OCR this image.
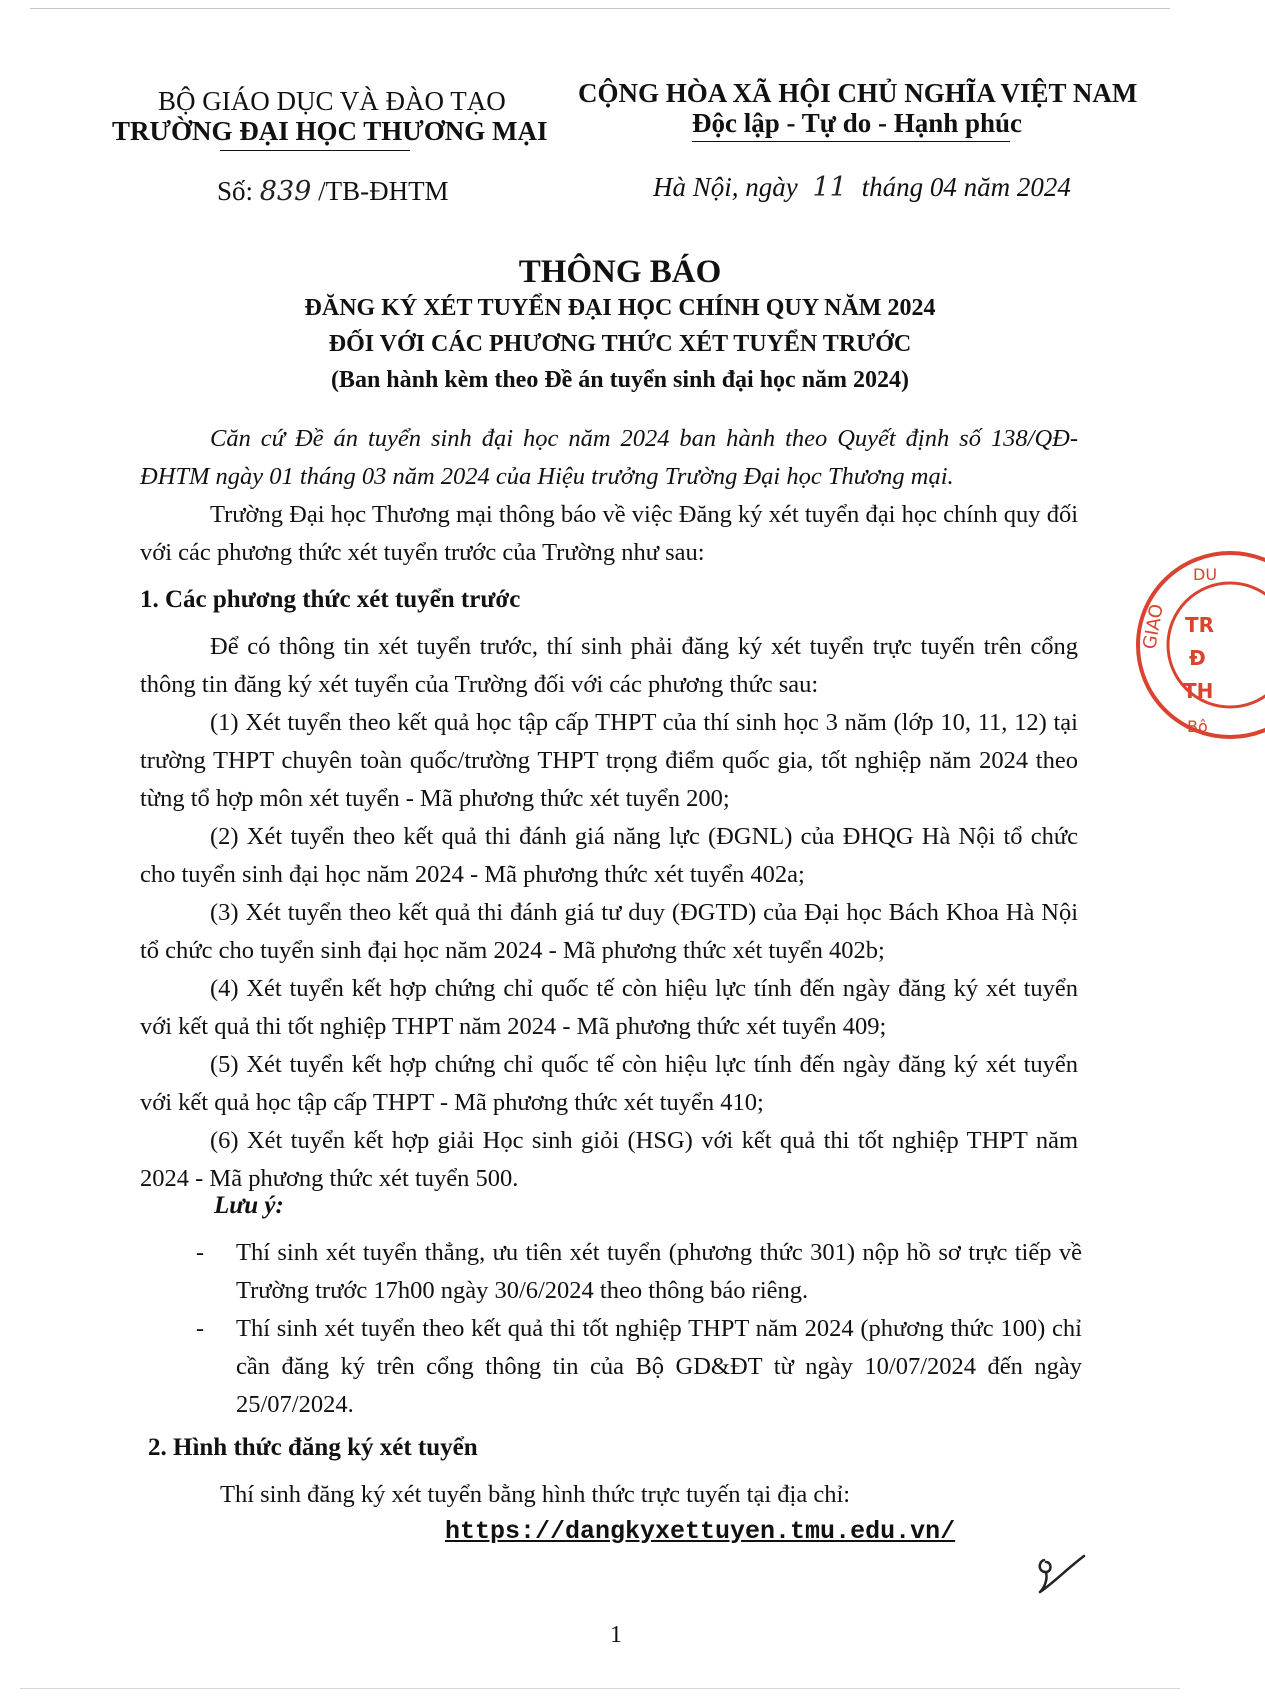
BỘ GIÁO DỤC VÀ ĐÀO TẠO
TRƯỜNG ĐẠI HỌC THƯƠNG MẠI
CỘNG HÒA XÃ HỘI CHỦ NGHĨA VIỆT NAM
Độc lập - Tự do - Hạnh phúc
Số: 839 /TB-ĐHTM	Hà Nội, ngày 11 tháng 04 năm 2024
THÔNG BÁO
ĐĂNG KÝ XÉT TUYỂN ĐẠI HỌC CHÍNH QUY NĂM 2024
ĐỐI VỚI CÁC PHƯƠNG THỨC XÉT TUYỂN TRƯỚC
(Ban hành kèm theo Đề án tuyển sinh đại học năm 2024)
Căn cứ Đề án tuyển sinh đại học năm 2024 ban hành theo Quyết định số 138/QĐ-ĐHTM ngày 01 tháng 03 năm 2024 của Hiệu trưởng Trường Đại học Thương mại.
Trường Đại học Thương mại thông báo về việc Đăng ký xét tuyển đại học chính quy đối với các phương thức xét tuyển trước của Trường như sau:
1. Các phương thức xét tuyển trước
Để có thông tin xét tuyển trước, thí sinh phải đăng ký xét tuyển trực tuyến trên cổng thông tin đăng ký xét tuyển của Trường đối với các phương thức sau:
(1) Xét tuyển theo kết quả học tập cấp THPT của thí sinh học 3 năm (lớp 10, 11, 12) tại trường THPT chuyên toàn quốc/trường THPT trọng điểm quốc gia, tốt nghiệp năm 2024 theo từng tổ hợp môn xét tuyển - Mã phương thức xét tuyển 200;
(2) Xét tuyển theo kết quả thi đánh giá năng lực (ĐGNL) của ĐHQG Hà Nội tổ chức cho tuyển sinh đại học năm 2024 - Mã phương thức xét tuyển 402a;
(3) Xét tuyển theo kết quả thi đánh giá tư duy (ĐGTD) của Đại học Bách Khoa Hà Nội tổ chức cho tuyển sinh đại học năm 2024 - Mã phương thức xét tuyển 402b;
(4) Xét tuyển kết hợp chứng chỉ quốc tế còn hiệu lực tính đến ngày đăng ký xét tuyển với kết quả thi tốt nghiệp THPT năm 2024 - Mã phương thức xét tuyển 409;
(5) Xét tuyển kết hợp chứng chỉ quốc tế còn hiệu lực tính đến ngày đăng ký xét tuyển với kết quả học tập cấp THPT - Mã phương thức xét tuyển 410;
(6) Xét tuyển kết hợp giải Học sinh giỏi (HSG) với kết quả thi tốt nghiệp THPT năm 2024 - Mã phương thức xét tuyển 500.
Lưu ý:
- Thí sinh xét tuyển thẳng, ưu tiên xét tuyển (phương thức 301) nộp hồ sơ trực tiếp về Trường trước 17h00 ngày 30/6/2024 theo thông báo riêng.
- Thí sinh xét tuyển theo kết quả thi tốt nghiệp THPT năm 2024 (phương thức 100) chỉ cần đăng ký trên cổng thông tin của Bộ GD&ĐT từ ngày 10/07/2024 đến ngày 25/07/2024.
2. Hình thức đăng ký xét tuyển
Thí sinh đăng ký xét tuyển bằng hình thức trực tuyến tại địa chỉ:
https://dangkyxettuyen.tmu.edu.vn/
GIAO TR
Đ
TH
DU
Bộ
1
